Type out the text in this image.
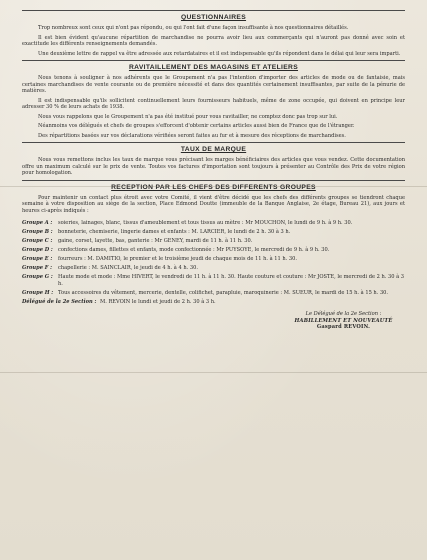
QUESTIONNAIRES

Trop nombreux sont ceux qui n'ont pas répondu, ou qui l'ont fait d'une façon insuffisante à nos questionnaires détaillés.

Il est bien évident qu'aucune répartition de marchandise ne pourra avoir lieu aux commerçants qui n'auront pas donné avec soin et exactitude les différents renseignements demandés.

Une deuxième lettre de rappel va être adressée aux retardataires et il est indispensable qu'ils répondent dans le délai qui leur sera imparti.

RAVITAILLEMENT DES MAGASINS ET ATELIERS

Nous tenons à souligner à nos adhérents que le Groupement n'a pas l'intention d'importer des articles de mode ou de fantaisie, mais certaines marchandises de vente courante ou de première nécessité et dans des quantités certainement insuffisantes, par suite de la pénurie de matières.

Il est indispensable qu'ils sollicitent continuellement leurs fournisseurs habituels, même de zone occupée, qui doivent en principe leur adresser 30 % de leurs achats de 1938.

Nous vous rappelons que le Groupement n'a pas été institué pour vous ravitailler, ne comptez donc pas trop sur lui.

Néanmoins vos délégués et chefs de groupes s'efforcent d'obtenir certains articles aussi bien de France que de l'étranger.

Des répartitions basées sur vos déclarations vérifiées seront faites au fur et à mesure des réceptions de marchandises.

TAUX DE MARQUE

Nous vous remettons inclus les taux de marque vous précisant les marges bénéficiaires des articles que vous vendez. Cette documentation offre un maximum calculé sur le prix de vente. Toutes vos factures d'importation sont toujours à présenter au Contrôle des Prix de votre région pour homologation.

RECEPTION PAR LES CHEFS DES DIFFERENTS GROUPES

Pour maintenir un contact plus étroit avec votre Comité, il vient d'être décidé que les chefs des différents groupes se tiendront chaque semaine à votre disposition au siège de la section, Place Edmond Doutte (immeuble de la Banque Anglaise, 2e étage, Bureau 21), aux jours et heures ci-après indiqués :

Groupe A :	soieries, lainages, blanc, tissus d'ameublement et tous tissus au mètre : Mr MOUCHON, le lundi de 9 h. à 9 h. 30.
Groupe B :	bonneterie, chemiserie, lingerie dames et enfants : M. LARCIER, le lundi de 2 h. 30 à 3 h.
Groupe C :	gaine, corset, layette, bas, ganterie : Mr GENEY, mardi de 11 h. à 11 h. 30.
Groupe D :	confections dames, fillettes et enfants, mode confectionnée : Mr PUYSOYE, le mercredi de 9 h. à 9 h. 30.
Groupe E :	fourreurs : M. DAMITIO, le premier et le troisième jeudi de chaque mois de 11 h. à 11 h. 30.
Groupe F :	chapellerie : M. SAINCLAIR, le jeudi de 4 h. à 4 h. 30.
Groupe G :	Haute mode et mode : Mme HIVERT, le vendredi de 11 h. à 11 h. 30. Haute couture et couture : Mr JOSTE, le mercredi de 2 h. 30 à 3 h.
Groupe H : Tous accessoires du vêtement, mercerie, dentelle, colifichet, parapluie, maroquinerie : M. SUEUR, le mardi de 15 h. à 15 h. 30.
Délégué de la 2e Section : M. REVOIN le lundi et jeudi de 2 h. 30 à 3 h.
Le Délégué de la 2e Section :
HABILLEMENT ET NOUVEAUTÉ
Gaspard REVOIN.
